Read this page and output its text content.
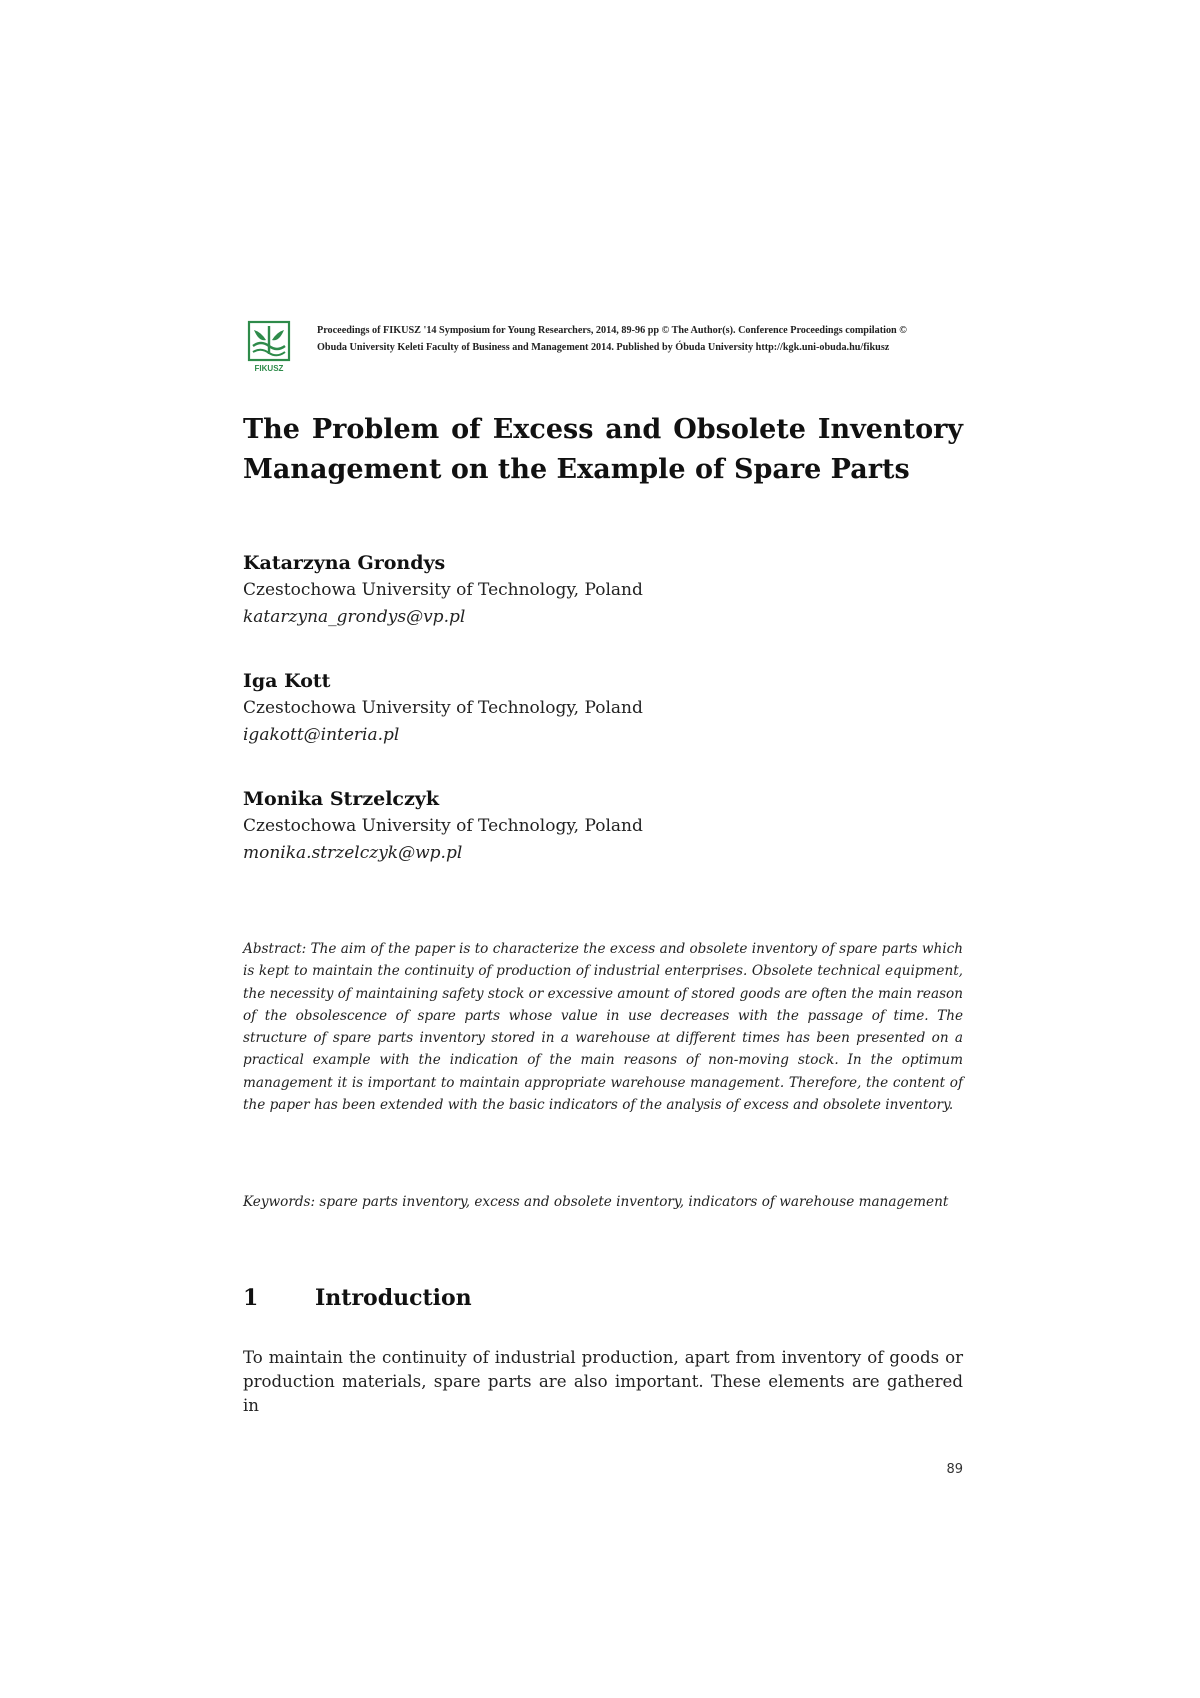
FIKUSZ
Proceedings of FIKUSZ '14 Symposium for Young Researchers, 2014, 89-96 pp © The Author(s). Conference Proceedings compilation ©
Obuda University Keleti Faculty of Business and Management 2014. Published by Óbuda University http://kgk.uni-obuda.hu/fikusz
The Problem of Excess and Obsolete Inventory Management on the Example of Spare Parts
Katarzyna Grondys
Czestochowa University of Technology, Poland
katarzyna_grondys@vp.pl
Iga Kott
Czestochowa University of Technology, Poland
igakott@interia.pl
Monika Strzelczyk
Czestochowa University of Technology, Poland
monika.strzelczyk@wp.pl

Abstract: The aim of the paper is to characterize the excess and obsolete inventory of spare parts which is kept to maintain the continuity of production of industrial enterprises. Obsolete technical equipment, the necessity of maintaining safety stock or excessive amount of stored goods are often the main reason of the obsolescence of spare parts whose value in use decreases with the passage of time. The structure of spare parts inventory stored in a warehouse at different times has been presented on a practical example with the indication of the main reasons of non-moving stock. In the optimum management it is important to maintain appropriate warehouse management. Therefore, the content of the paper has been extended with the basic indicators of the analysis of excess and obsolete inventory.

Keywords: spare parts inventory, excess and obsolete inventory, indicators of warehouse management

1	Introduction

To maintain the continuity of industrial production, apart from inventory of goods or production materials, spare parts are also important. These elements are gathered in

89
